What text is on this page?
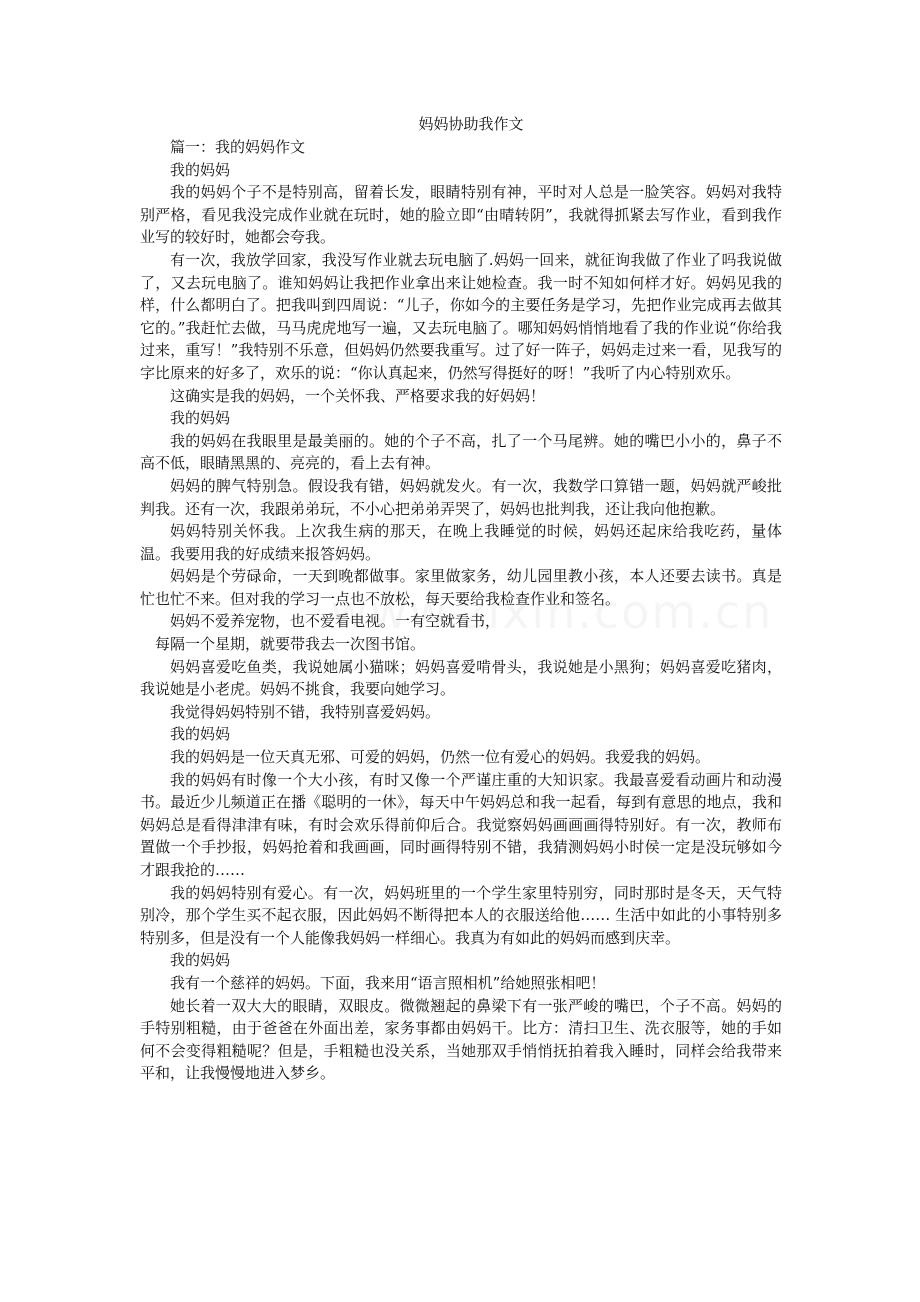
妈妈协助我作文

篇一：我的妈妈作文

我的妈妈

我的妈妈个子不是特别高，留着长发，眼睛特别有神，平时对人总是一脸笑容。妈妈对我特别严格，看见我没完成作业就在玩时，她的脸立即“由晴转阴”，我就得抓紧去写作业，看到我作业写的较好时，她都会夸我。

有一次，我放学回家，我没写作业就去玩电脑了.妈妈一回来，就征询我做了作业了吗我说做了，又去玩电脑了。谁知妈妈让我把作业拿出来让她检查。我一时不知如何样才好。妈妈见我的样，什么都明白了。把我叫到四周说：“儿子，你如今的主要任务是学习，先把作业完成再去做其它的。”我赶忙去做，马马虎虎地写一遍，又去玩电脑了。哪知妈妈悄悄地看了我的作业说“你给我过来，重写！”我特别不乐意，但妈妈仍然要我重写。过了好一阵子，妈妈走过来一看，见我写的字比原来的好多了，欢乐的说：“你认真起来，仍然写得挺好的呀！”我听了内心特别欢乐。

这确实是我的妈妈，一个关怀我、严格要求我的好妈妈！

我的妈妈

我的妈妈在我眼里是最美丽的。她的个子不高，扎了一个马尾辨。她的嘴巴小小的，鼻子不高不低，眼睛黑黑的、亮亮的，看上去有神。

妈妈的脾气特别急。假设我有错，妈妈就发火。有一次，我数学口算错一题，妈妈就严峻批判我。还有一次，我跟弟弟玩，不小心把弟弟弄哭了，妈妈也批判我，还让我向他抱歉。

妈妈特别关怀我。上次我生病的那天，在晚上我睡觉的时候，妈妈还起床给我吃药，量体温。我要用我的好成绩来报答妈妈。

妈妈是个劳碌命，一天到晚都做事。家里做家务，幼儿园里教小孩，本人还要去读书。真是忙也忙不来。但对我的学习一点也不放松，每天要给我检查作业和签名。

妈妈不爱养宠物，也不爱看电视。一有空就看书，

每隔一个星期，就要带我去一次图书馆。

妈妈喜爱吃鱼类，我说她属小猫咪；妈妈喜爱啃骨头，我说她是小黑狗；妈妈喜爱吃猪肉，我说她是小老虎。妈妈不挑食，我要向她学习。

我觉得妈妈特别不错，我特别喜爱妈妈。

我的妈妈

我的妈妈是一位天真无邪、可爱的妈妈，仍然一位有爱心的妈妈。我爱我的妈妈。

我的妈妈有时像一个大小孩，有时又像一个严谨庄重的大知识家。我最喜爱看动画片和动漫书。最近少儿频道正在播《聪明的一休》，每天中午妈妈总和我一起看，每到有意思的地点，我和妈妈总是看得津津有味，有时会欢乐得前仰后合。我觉察妈妈画画画得特别好。有一次，教师布置做一个手抄报，妈妈抢着和我画画，同时画得特别不错，我猜测妈妈小时侯一定是没玩够如今才跟我抢的……

我的妈妈特别有爱心。有一次，妈妈班里的一个学生家里特别穷，同时那时是冬天，天气特别冷，那个学生买不起衣服，因此妈妈不断得把本人的衣服送给他…… 生活中如此的小事特别多特别多，但是没有一个人能像我妈妈一样细心。我真为有如此的妈妈而感到庆幸。

我的妈妈

我有一个慈祥的妈妈。下面，我来用“语言照相机”给她照张相吧！

她长着一双大大的眼睛，双眼皮。微微翘起的鼻梁下有一张严峻的嘴巴，个子不高。妈妈的手特别粗糙，由于爸爸在外面出差，家务事都由妈妈干。比方：清扫卫生、洗衣服等，她的手如何不会变得粗糙呢？但是，手粗糙也没关系，当她那双手悄悄抚拍着我入睡时，同样会给我带来平和，让我慢慢地进入梦乡。
